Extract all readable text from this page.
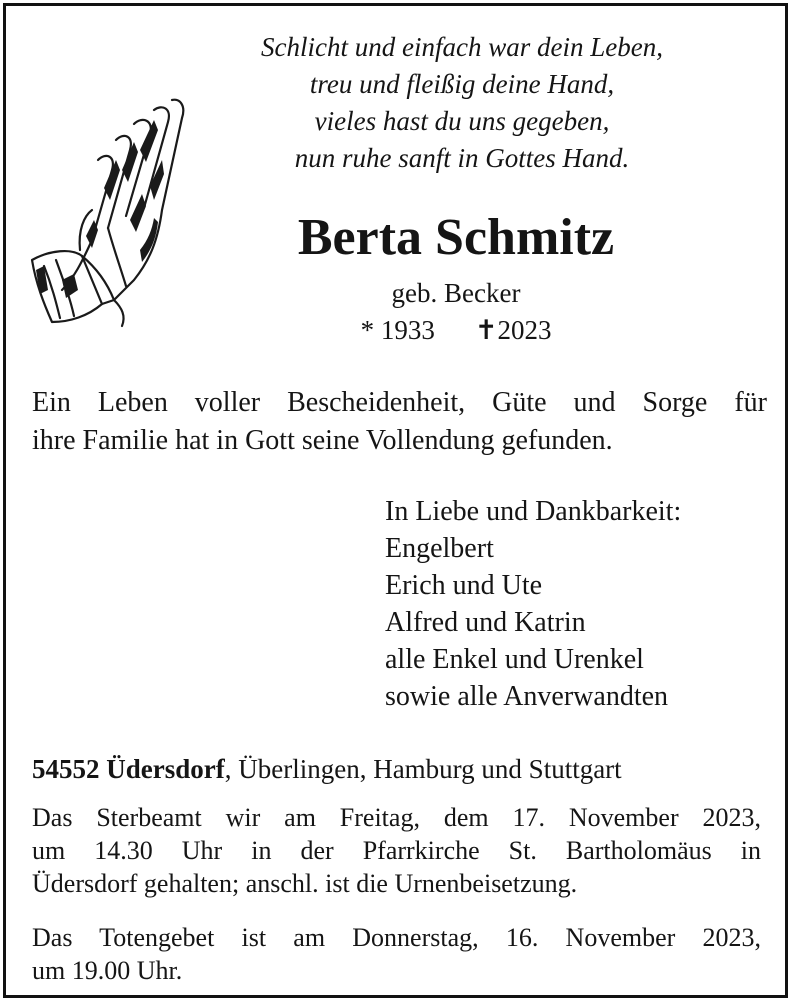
Schlicht und einfach war dein Leben,
treu und fleißig deine Hand,
vieles hast du uns gegeben,
nun ruhe sanft in Gottes Hand.
Berta Schmitz
geb. Becker
* 1933 ✝2023
Ein Leben voller Bescheidenheit, Güte und Sorge für
ihre Familie hat in Gott seine Vollendung gefunden.
In Liebe und Dankbarkeit:
Engelbert
Erich und Ute
Alfred und Katrin
alle Enkel und Urenkel
sowie alle Anverwandten
54552 Üdersdorf, Überlingen, Hamburg und Stuttgart
Das Sterbeamt wir am Freitag, dem 17. November 2023,
um 14.30 Uhr in der Pfarrkirche St. Bartholomäus in
Üdersdorf gehalten; anschl. ist die Urnenbeisetzung.
Das Totengebet ist am Donnerstag, 16. November 2023,
um 19.00 Uhr.
